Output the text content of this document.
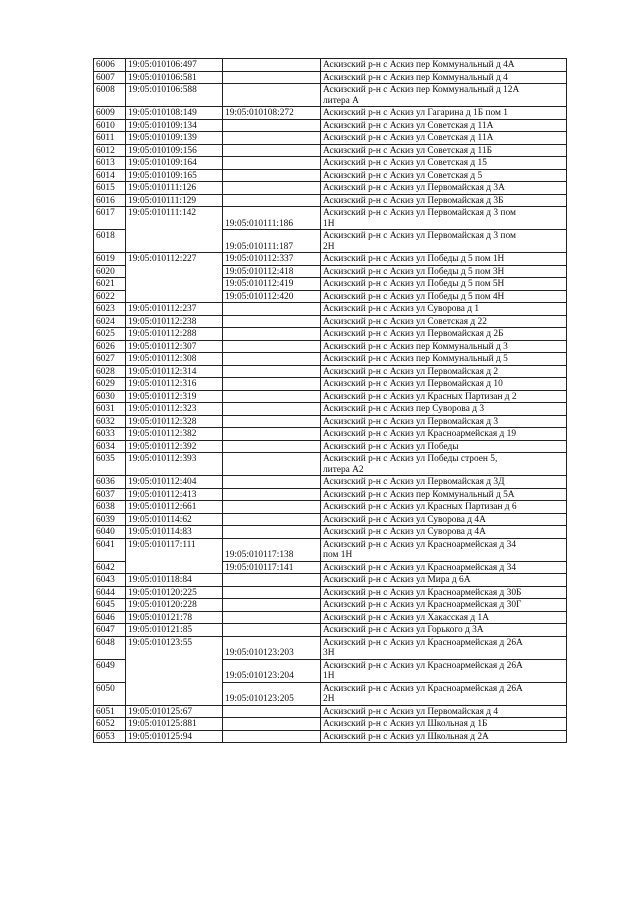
6006	19:05:010106:497		Аскизский р-н с Аскиз пер Коммунальный д 4А

6007	19:05:010106:581		Аскизский р-н с Аскиз пер Коммунальный д 4

6008	19:05:010106:588		Аскизский р-н с Аскиз пер Коммунальный д 12А
литера А

6009	19:05:010108:149	19:05:010108:272	Аскизский р-н с Аскиз ул Гагарина д 1Б пом 1

6010	19:05:010109:134		Аскизский р-н с Аскиз ул Советская д 11А

6011	19:05:010109:139		Аскизский р-н с Аскиз ул Советская д 11А

6012	19:05:010109:156		Аскизский р-н с Аскиз ул Советская д 11Б

6013	19:05:010109:164		Аскизский р-н с Аскиз ул Советская д 15

6014	19:05:010109:165		Аскизский р-н с Аскиз ул Советская д 5

6015	19:05:010111:126		Аскизский р-н с Аскиз ул Первомайская д 3А

6016	19:05:010111:129		Аскизский р-н с Аскиз ул Первомайская д 3Б

6017	19:05:010111:142	19:05:010111:186	Аскизский р-н с Аскиз ул Первомайская д 3 пом
1Н

6018		19:05:010111:187	Аскизский р-н с Аскиз ул Первомайская д 3 пом
2Н

6019	19:05:010112:227	19:05:010112:337	Аскизский р-н с Аскиз ул Победы д 5 пом 1Н

6020		19:05:010112:418	Аскизский р-н с Аскиз ул Победы д 5 пом 3Н

6021		19:05:010112:419	Аскизский р-н с Аскиз ул Победы д 5 пом 5Н

6022		19:05:010112:420	Аскизский р-н с Аскиз ул Победы д 5 пом 4Н

6023	19:05:010112:237		Аскизский р-н с Аскиз ул Суворова д 1

6024	19:05:010112:238		Аскизский р-н с Аскиз ул Советская д 22

6025	19:05:010112:288		Аскизский р-н с Аскиз ул Первомайская д 2Б

6026	19:05:010112:307		Аскизский р-н с Аскиз пер Коммунальный д 3

6027	19:05:010112:308		Аскизский р-н с Аскиз пер Коммунальный д 5

6028	19:05:010112:314		Аскизский р-н с Аскиз ул Первомайская д 2

6029	19:05:010112:316		Аскизский р-н с Аскиз ул Первомайская д 10

6030	19:05:010112:319		Аскизский р-н с Аскиз ул Красных Партизан д 2

6031	19:05:010112:323		Аскизский р-н с Аскиз пер Суворова д 3

6032	19:05:010112:328		Аскизский р-н с Аскиз ул Первомайская д 3

6033	19:05:010112:382		Аскизский р-н с Аскиз ул Красноармейская д 19

6034	19:05:010112:392		Аскизский р-н с Аскиз ул Победы

6035	19:05:010112:393		Аскизский р-н с Аскиз ул Победы строен 5,
литера А2

6036	19:05:010112:404		Аскизский р-н с Аскиз ул Первомайская д 3Д

6037	19:05:010112:413		Аскизский р-н с Аскиз пер Коммунальный д 5А

6038	19:05:010112:661		Аскизский р-н с Аскиз ул Красных Партизан д 6

6039	19:05:010114:62		Аскизский р-н с Аскиз ул Суворова д 4А

6040	19:05:010114:83		Аскизский р-н с Аскиз ул Суворова д 4А

6041	19:05:010117:111	19:05:010117:138	Аскизский р-н с Аскиз ул Красноармейская д 34
пом 1Н

6042		19:05:010117:141	Аскизский р-н с Аскиз ул Красноармейская д 34

6043	19:05:010118:84		Аскизский р-н с Аскиз ул Мира д 6А

6044	19:05:010120:225		Аскизский р-н с Аскиз ул Красноармейская д 30Б

6045	19:05:010120:228		Аскизский р-н с Аскиз ул Красноармейская д 30Г

6046	19:05:010121:78		Аскизский р-н с Аскиз ул Хакасская д 1А

6047	19:05:010121:85		Аскизский р-н с Аскиз ул Горького д 3А

6048	19:05:010123:55	19:05:010123:203	Аскизский р-н с Аскиз ул Красноармейская д 26А
3Н

6049		19:05:010123:204	Аскизский р-н с Аскиз ул Красноармейская д 26А
1Н

6050		19:05:010123:205	Аскизский р-н с Аскиз ул Красноармейская д 26А
2Н

6051	19:05:010125:67		Аскизский р-н с Аскиз ул Первомайская д 4

6052	19:05:010125:881		Аскизский р-н с Аскиз ул Школьная д 1Б

6053	19:05:010125:94		Аскизский р-н с Аскиз ул Школьная д 2А
